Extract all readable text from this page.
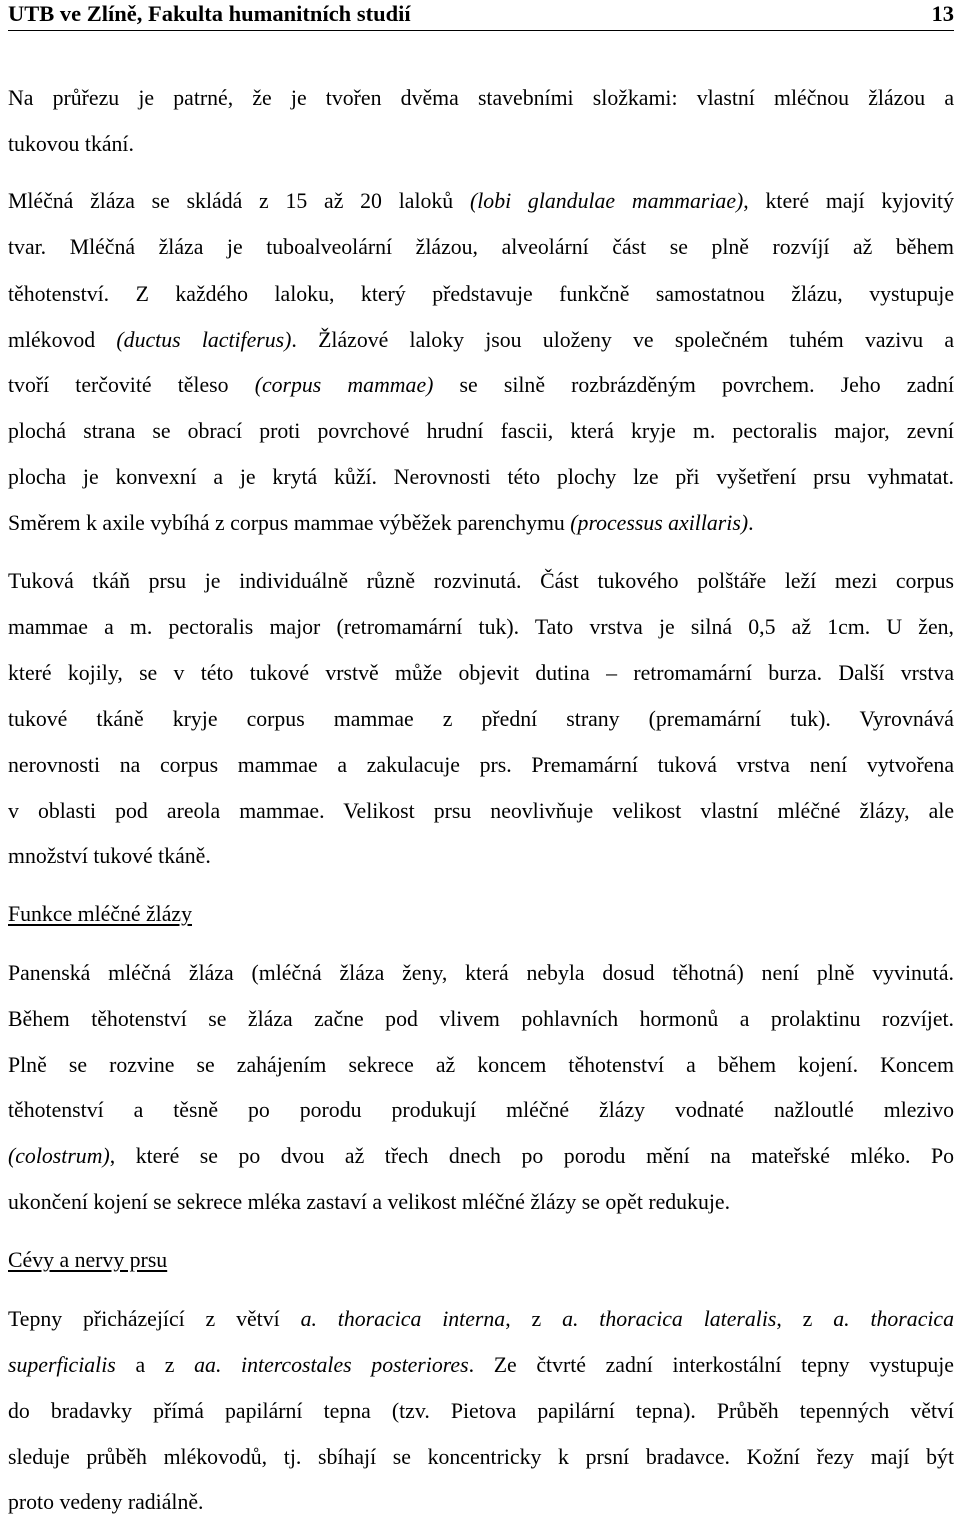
UTB ve Zlíně, Fakulta humanitních studií	13
Na průřezu je patrné, že je tvořen dvěma stavebními složkami: vlastní mléčnou žlázou a
tukovou tkání.
Mléčná žláza se skládá z 15 až 20 laloků (lobi glandulae mammariae), které mají kyjovitý
tvar. Mléčná žláza je tuboalveolární žlázou, alveolární část se plně rozvíjí až během
těhotenství. Z každého laloku, který představuje funkčně samostatnou žlázu, vystupuje
mlékovod (ductus lactiferus). Žlázové laloky jsou uloženy ve společném tuhém vazivu a
tvoří terčovité těleso (corpus mammae) se silně rozbrázděným povrchem. Jeho zadní
plochá strana se obrací proti povrchové hrudní fascii, která kryje m. pectoralis major, zevní
plocha je konvexní a je krytá kůží. Nerovnosti této plochy lze při vyšetření prsu vyhmatat.
Směrem k axile vybíhá z corpus mammae výběžek parenchymu (processus axillaris).
Tuková tkáň prsu je individuálně různě rozvinutá. Část tukového polštáře leží mezi corpus
mammae a m. pectoralis major (retromamární tuk). Tato vrstva je silná 0,5 až 1cm. U žen,
které kojily, se v této tukové vrstvě může objevit dutina – retromamární burza. Další vrstva
tukové tkáně kryje corpus mammae z přední strany (premamární tuk). Vyrovnává
nerovnosti na corpus mammae a zakulacuje prs. Premamární tuková vrstva není vytvořena
v oblasti pod areola mammae. Velikost prsu neovlivňuje velikost vlastní mléčné žlázy, ale
množství tukové tkáně.
Funkce mléčné žlázy
Panenská mléčná žláza (mléčná žláza ženy, která nebyla dosud těhotná) není plně vyvinutá.
Během těhotenství se žláza začne pod vlivem pohlavních hormonů a prolaktinu rozvíjet.
Plně se rozvine se zahájením sekrece až koncem těhotenství a během kojení. Koncem
těhotenství a těsně po porodu produkují mléčné žlázy vodnaté nažloutlé mlezivo
(colostrum), které se po dvou až třech dnech po porodu mění na mateřské mléko. Po
ukončení kojení se sekrece mléka zastaví a velikost mléčné žlázy se opět redukuje.
Cévy a nervy prsu
Tepny přicházející z větví a. thoracica interna, z a. thoracica lateralis, z a. thoracica
superficialis a z aa. intercostales posteriores. Ze čtvrté zadní interkostální tepny vystupuje
do bradavky přímá papilární tepna (tzv. Pietova papilární tepna). Průběh tepenných větví
sleduje průběh mlékovodů, tj. sbíhají se koncentricky k prsní bradavce. Kožní řezy mají být
proto vedeny radiálně.
